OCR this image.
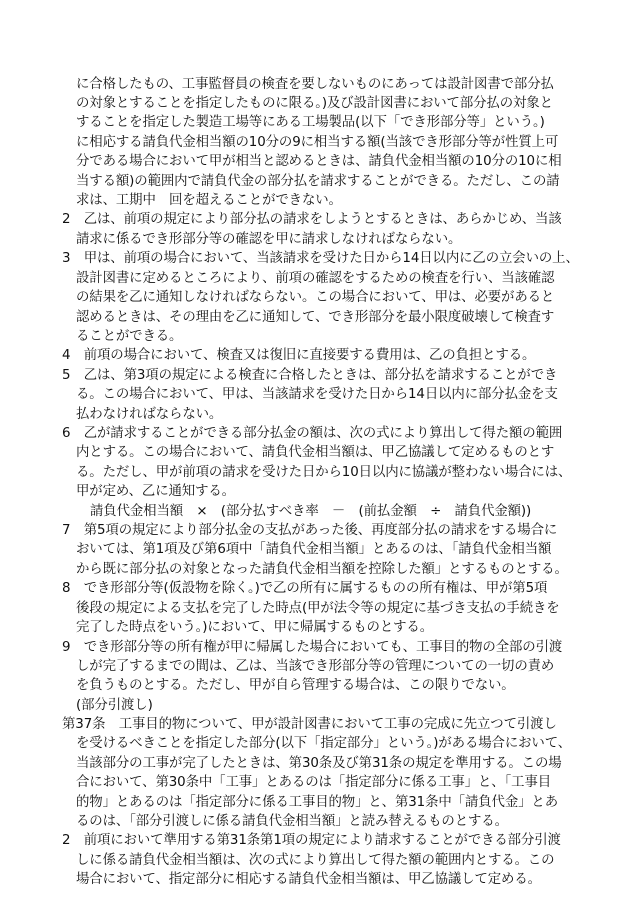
に合格したもの、工事監督員の検査を要しないものにあっては設計図書で部分払
の対象とすることを指定したものに限る。)及び設計図書において部分払の対象と
することを指定した製造工場等にある工場製品(以下「でき形部分等」という。)
に相応する請負代金相当額の10分の9に相当する額(当該でき形部分等が性質上可
分である場合において甲が相当と認めるときは、請負代金相当額の10分の10に相
当する額)の範囲内で請負代金の部分払を請求することができる。ただし、この請
求は、工期中　回を超えることができない。
2　乙は、前項の規定により部分払の請求をしようとするときは、あらかじめ、当該
請求に係るでき形部分等の確認を甲に請求しなければならない。
3　甲は、前項の場合において、当該請求を受けた日から14日以内に乙の立会いの上、
設計図書に定めるところにより、前項の確認をするための検査を行い、当該確認
の結果を乙に通知しなければならない。この場合において、甲は、必要があると
認めるときは、その理由を乙に通知して、でき形部分を最小限度破壊して検査す
ることができる。
4　前項の場合において、検査又は復旧に直接要する費用は、乙の負担とする。
5　乙は、第3項の規定による検査に合格したときは、部分払を請求することができ
る。この場合において、甲は、当該請求を受けた日から14日以内に部分払金を支
払わなければならない。
6　乙が請求することができる部分払金の額は、次の式により算出して得た額の範囲
内とする。この場合において、請負代金相当額は、甲乙協議して定めるものとす
る。ただし、甲が前項の請求を受けた日から10日以内に協議が整わない場合には、
甲が定め、乙に通知する。
請負代金相当額　×　(部分払すべき率　－　(前払金額　÷　請負代金額))
7　第5項の規定により部分払金の支払があった後、再度部分払の請求をする場合に
おいては、第1項及び第6項中「請負代金相当額」とあるのは、「請負代金相当額
から既に部分払の対象となった請負代金相当額を控除した額」とするものとする。
8　でき形部分等(仮設物を除く。)で乙の所有に属するものの所有権は、甲が第5項
後段の規定による支払を完了した時点(甲が法令等の規定に基づき支払の手続きを
完了した時点をいう。)において、甲に帰属するものとする。
9　でき形部分等の所有権が甲に帰属した場合においても、工事目的物の全部の引渡
しが完了するまでの間は、乙は、当該でき形部分等の管理についての一切の責め
を負うものとする。ただし、甲が自ら管理する場合は、この限りでない。
(部分引渡し)
第37条　工事目的物について、甲が設計図書において工事の完成に先立つて引渡し
を受けるべきことを指定した部分(以下「指定部分」という。)がある場合において、
当該部分の工事が完了したときは、第30条及び第31条の規定を準用する。この場
合において、第30条中「工事」とあるのは「指定部分に係る工事」と、「工事目
的物」とあるのは「指定部分に係る工事目的物」と、第31条中「請負代金」とあ
るのは、「部分引渡しに係る請負代金相当額」と読み替えるものとする。
2　前項において準用する第31条第1項の規定により請求することができる部分引渡
しに係る請負代金相当額は、次の式により算出して得た額の範囲内とする。この
場合において、指定部分に相応する請負代金相当額は、甲乙協議して定める。
